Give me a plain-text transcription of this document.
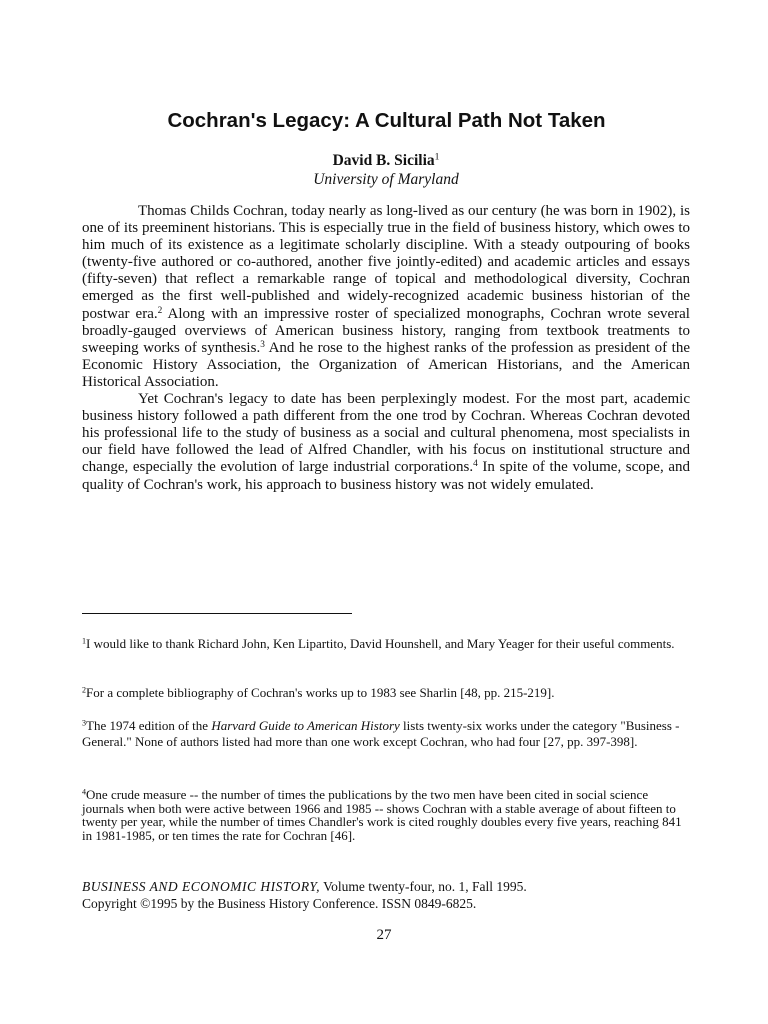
Cochran's Legacy: A Cultural Path Not Taken
David B. Sicilia$^1$
University of Maryland

Thomas Childs Cochran, today nearly as long-lived as our century (he was born in 1902), is one of its preeminent historians. This is especially true in the field of business history, which owes to him much of its existence as a legitimate scholarly discipline. With a steady outpouring of books (twenty-five authored or co-authored, another five jointly-edited) and academic articles and essays (fifty-seven) that reflect a remarkable range of topical and methodological diversity, Cochran emerged as the first well-published and widely-recognized academic business historian of the postwar era.$^2$ Along with an impressive roster of specialized monographs, Cochran wrote several broadly-gauged overviews of American business history, ranging from textbook treatments to sweeping works of synthesis.$^3$ And he rose to the highest ranks of the profession as president of the Economic History Association, the Organization of American Historians, and the American Historical Association.

Yet Cochran's legacy to date has been perplexingly modest. For the most part, academic business history followed a path different from the one trod by Cochran. Whereas Cochran devoted his professional life to the study of business as a social and cultural phenomena, most specialists in our field have followed the lead of Alfred Chandler, with his focus on institutional structure and change, especially the evolution of large industrial corporations.$^4$ In spite of the volume, scope, and quality of Cochran's work, his approach to business history was not widely emulated.

$^1$I would like to thank Richard John, Ken Lipartito, David Hounshell, and Mary Yeager for their useful comments.

$^2$For a complete bibliography of Cochran's works up to 1983 see Sharlin [48, pp. 215-219].

$^3$The 1974 edition of the Harvard Guide to American History lists twenty-six works under the category "Business - General." None of authors listed had more than one work except Cochran, who had four [27, pp. 397-398].

$^4$One crude measure -- the number of times the publications by the two men have been cited in social science journals when both were active between 1966 and 1985 -- shows Cochran with a stable average of about fifteen to twenty per year, while the number of times Chandler's work is cited roughly doubles every five years, reaching 841 in 1981-1985, or ten times the rate for Cochran [46].

BUSINESS AND ECONOMIC HISTORY, Volume twenty-four, no. 1, Fall 1995.
Copyright ©1995 by the Business History Conference. ISSN 0849-6825.
27
